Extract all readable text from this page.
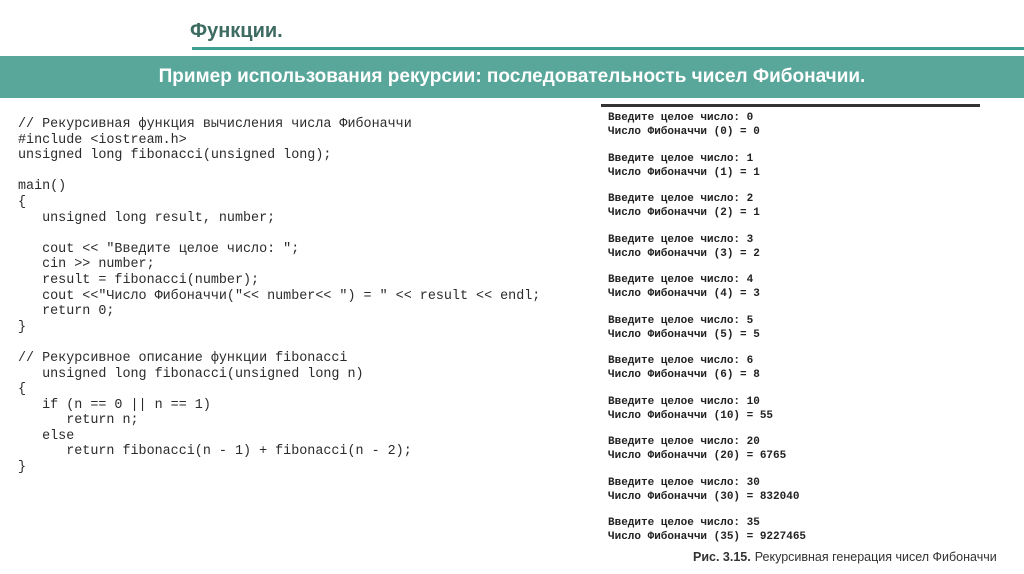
Функции.
Пример использования рекурсии: последовательность чисел Фибоначии.
// Рекурсивная функция вычисления числа Фибоначчи
#include <iostream.h>
unsigned long fibonacci(unsigned long);
main()
{
unsigned long result, number;
cout << "Введите целое число: ";
cin >> number;
result = fibonacci(number);
cout <<"Число Фибоначчи("<< number<< ") = " << result << endl;
return 0;
}
// Рекурсивное описание функции fibonacci
unsigned long fibonacci(unsigned long n)
{
if (n == 0 || n == 1)
return n;
else
return fibonacci(n - 1) + fibonacci(n - 2);
}
Введите целое число: 0
Число Фибоначчи (0) = 0
Введите целое число: 1
Число Фибоначчи (1) = 1
Введите целое число: 2
Число Фибоначчи (2) = 1
Введите целое число: 3
Число Фибоначчи (3) = 2
Введите целое число: 4
Число Фибоначчи (4) = 3
Введите целое число: 5
Число Фибоначчи (5) = 5
Введите целое число: 6
Число Фибоначчи (6) = 8
Введите целое число: 10
Число Фибоначчи (10) = 55
Введите целое число: 20
Число Фибоначчи (20) = 6765
Введите целое число: 30
Число Фибоначчи (30) = 832040
Введите целое число: 35
Число Фибоначчи (35) = 9227465
Рис. 3.15. Рекурсивная генерация чисел Фибоначчи
